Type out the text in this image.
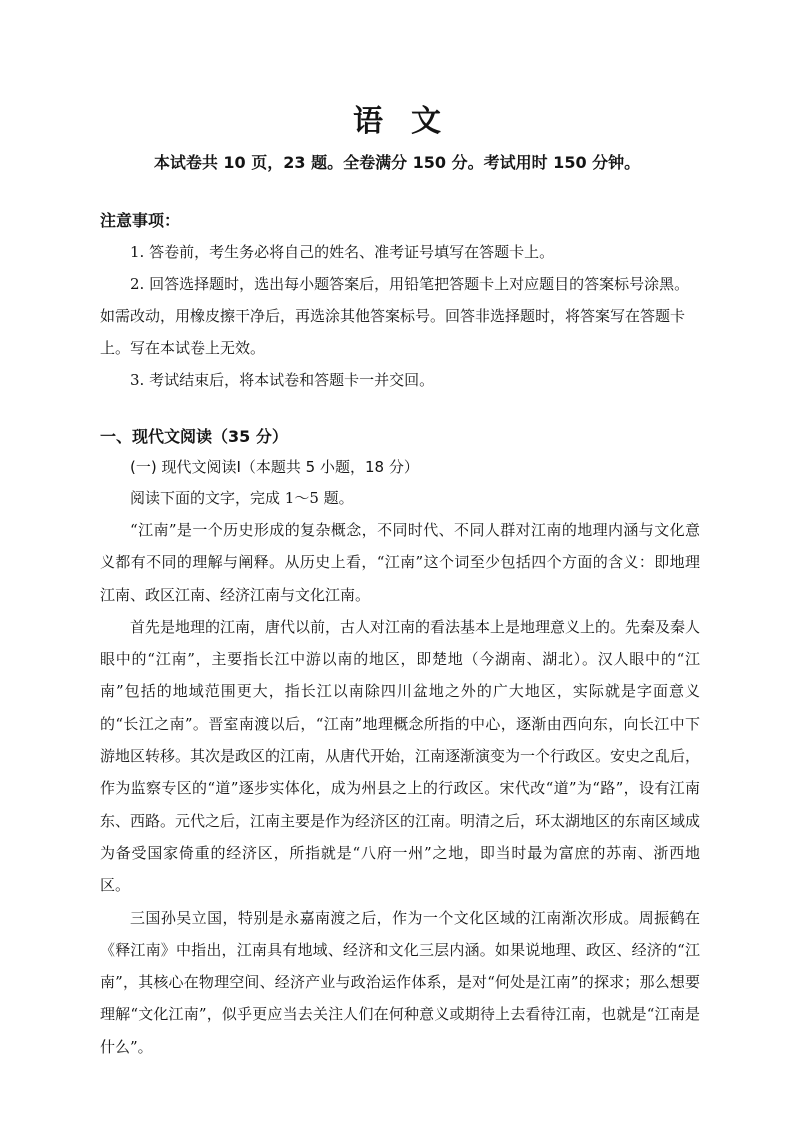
语文
本试卷共 10 页，23 题。全卷满分 150 分。考试用时 150 分钟。
注意事项：

1. 答卷前，考生务必将自己的姓名、准考证号填写在答题卡上。

2. 回答选择题时，选出每小题答案后，用铅笔把答题卡上对应题目的答案标号涂黑。如需改动，用橡皮擦干净后，再选涂其他答案标号。回答非选择题时，将答案写在答题卡上。写在本试卷上无效。

3. 考试结束后，将本试卷和答题卡一并交回。

一、现代文阅读（35 分）
(一) 现代文阅读Ⅰ（本题共 5 小题，18 分）
阅读下面的文字，完成 1～5 题。

“江南”是一个历史形成的复杂概念，不同时代、不同人群对江南的地理内涵与文化意义都有不同的理解与阐释。从历史上看，“江南”这个词至少包括四个方面的含义：即地理江南、政区江南、经济江南与文化江南。

首先是地理的江南，唐代以前，古人对江南的看法基本上是地理意义上的。先秦及秦人眼中的“江南”，主要指长江中游以南的地区，即楚地（今湖南、湖北）。汉人眼中的“江南”包括的地域范围更大，指长江以南除四川盆地之外的广大地区，实际就是字面意义的“长江之南”。晋室南渡以后，“江南”地理概念所指的中心，逐渐由西向东，向长江中下游地区转移。其次是政区的江南，从唐代开始，江南逐渐演变为一个行政区。安史之乱后，作为监察专区的“道”逐步实体化，成为州县之上的行政区。宋代改“道”为“路”，设有江南东、西路。元代之后，江南主要是作为经济区的江南。明清之后，环太湖地区的东南区域成为备受国家倚重的经济区，所指就是“八府一州”之地，即当时最为富庶的苏南、浙西地区。

三国孙吴立国，特别是永嘉南渡之后，作为一个文化区域的江南渐次形成。周振鹤在《释江南》中指出，江南具有地域、经济和文化三层内涵。如果说地理、政区、经济的“江南”，其核心在物理空间、经济产业与政治运作体系，是对“何处是江南”的探求；那么想要理解“文化江南”，似乎更应当去关注人们在何种意义或期待上去看待江南，也就是“江南是什么”。
